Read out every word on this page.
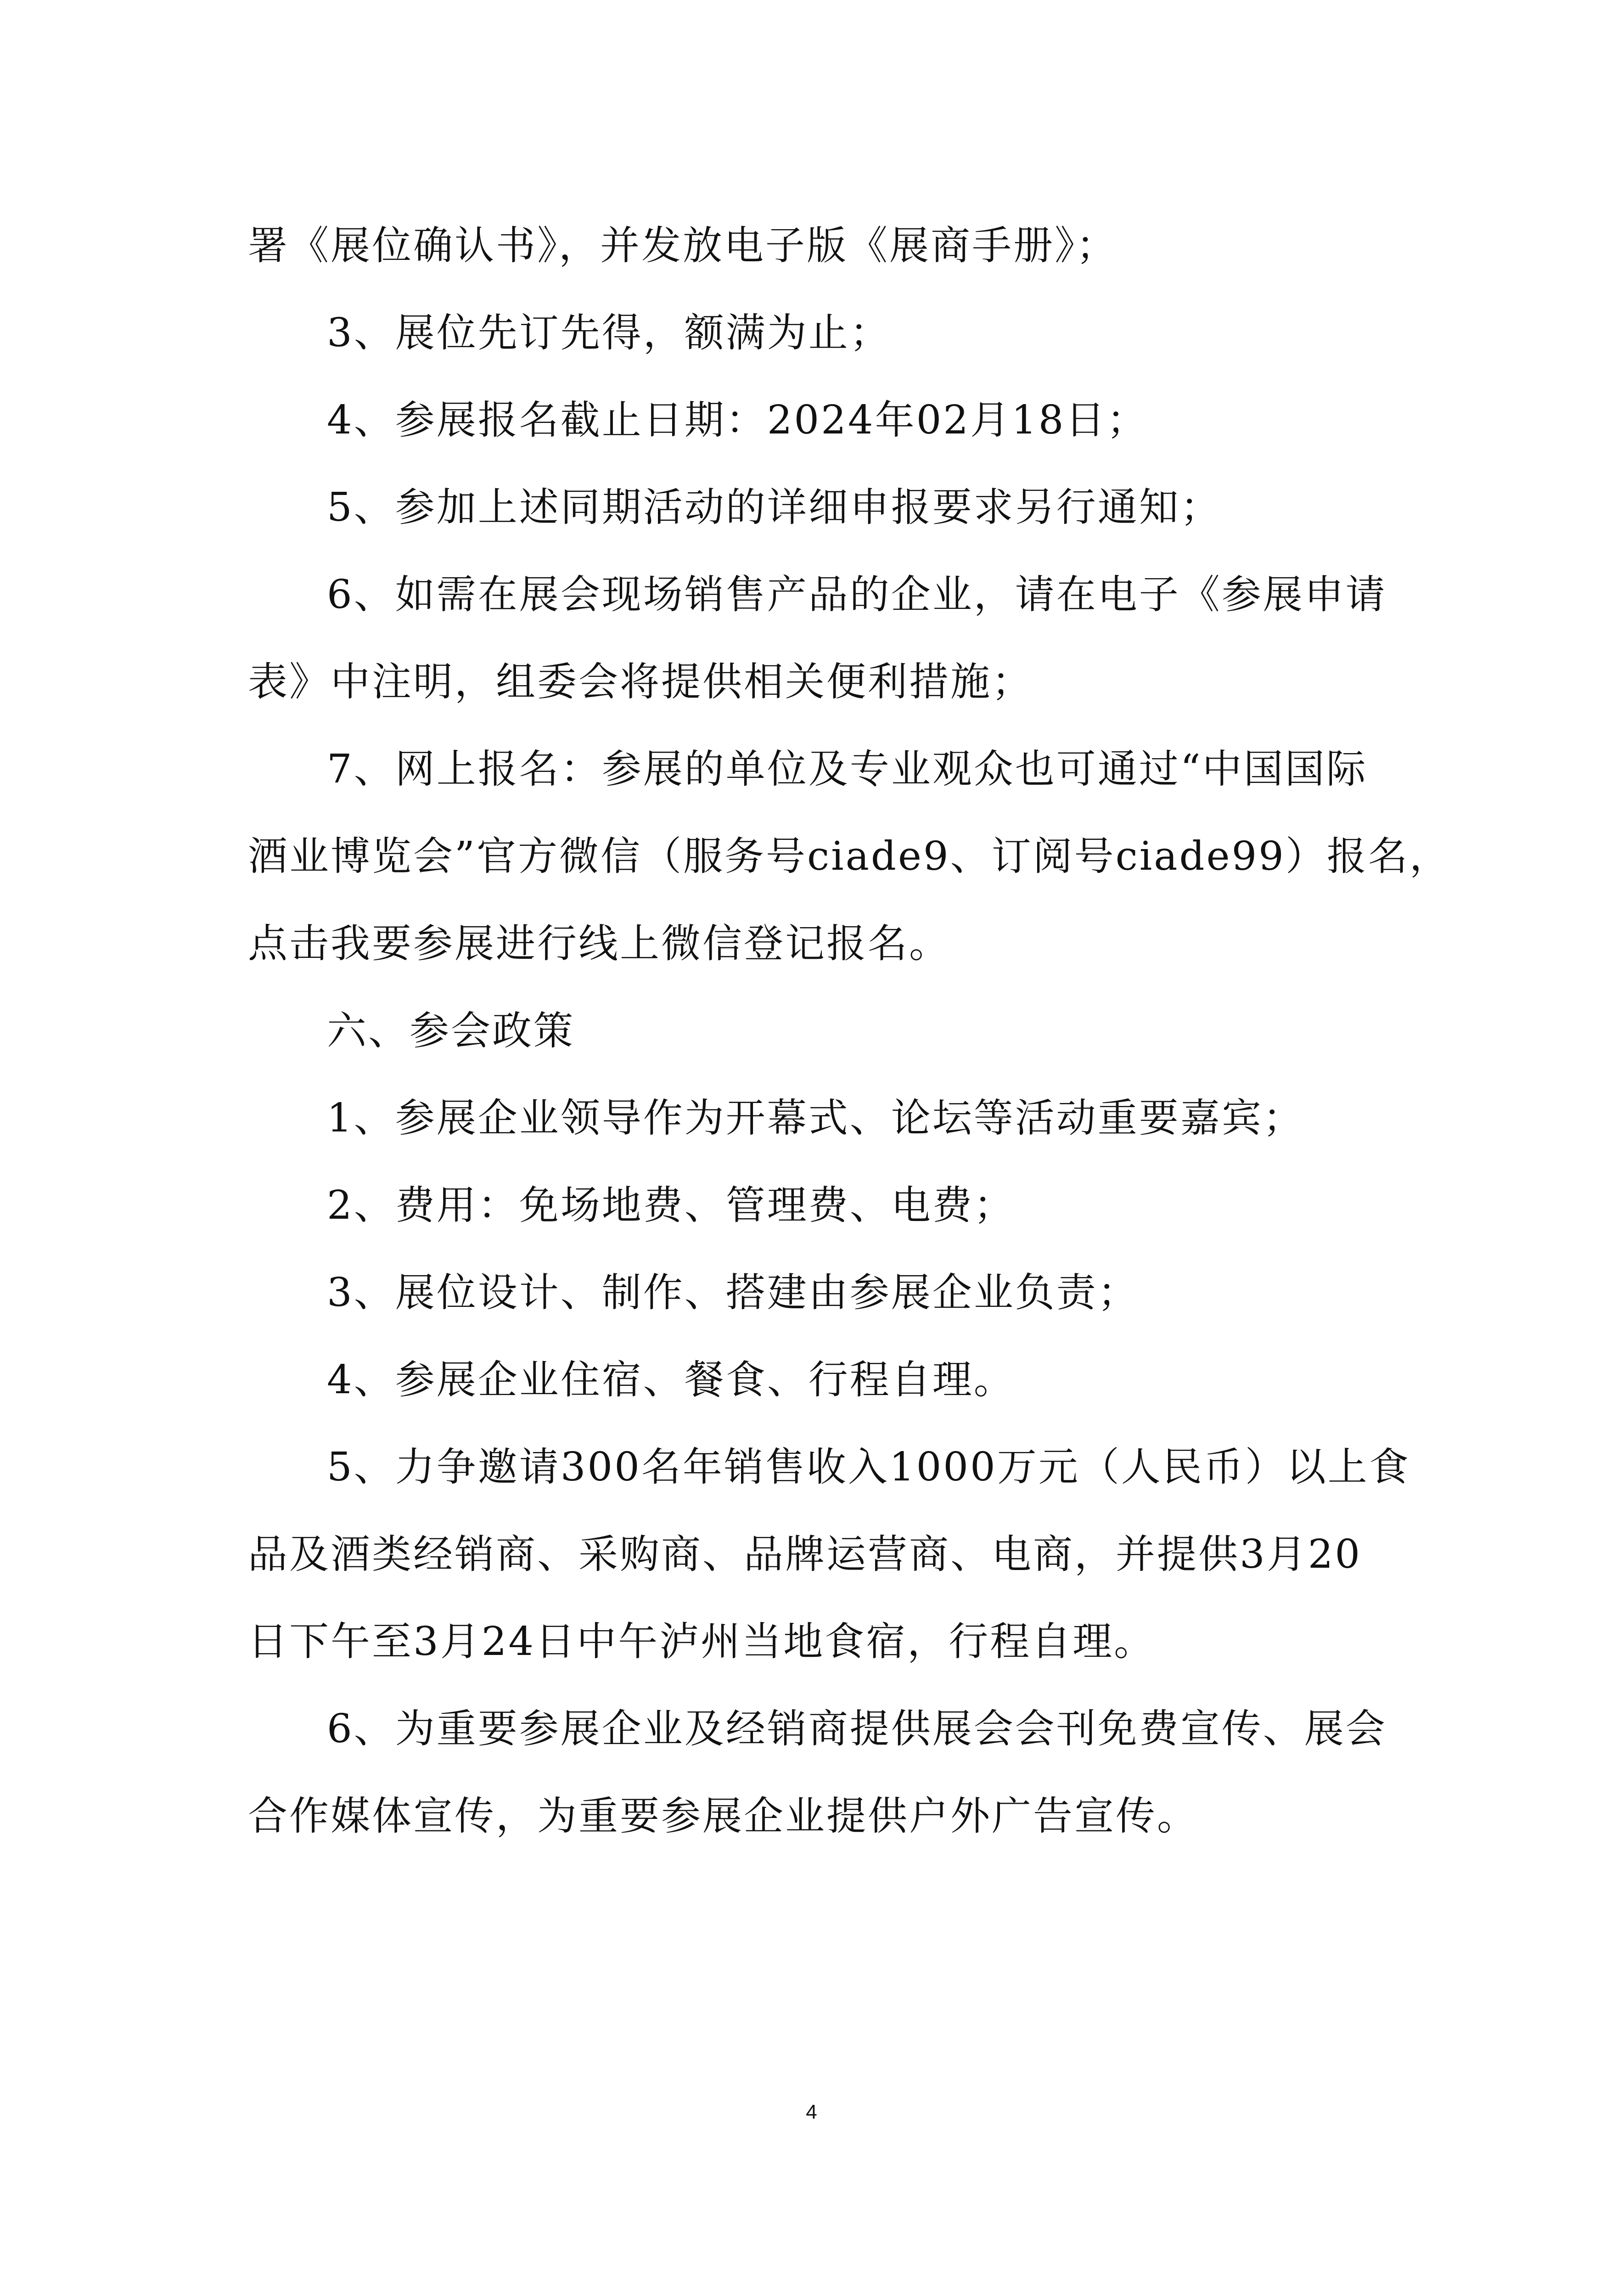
署《展位确认书》，并发放电子版《展商手册》；
3、展位先订先得，额满为止；
4、参展报名截止日期：2024年02月18日；
5、参加上述同期活动的详细申报要求另行通知；
6、如需在展会现场销售产品的企业，请在电子《参展申请
表》中注明，组委会将提供相关便利措施；
7、网上报名：参展的单位及专业观众也可通过“中国国际
酒业博览会”官方微信（服务号ciade9、订阅号ciade99）报名，
点击我要参展进行线上微信登记报名。
六、参会政策
1、参展企业领导作为开幕式、论坛等活动重要嘉宾；
2、费用：免场地费、管理费、电费；
3、展位设计、制作、搭建由参展企业负责；
4、参展企业住宿、餐食、行程自理。
5、力争邀请300名年销售收入1000万元（人民币）以上食
品及酒类经销商、采购商、品牌运营商、电商，并提供3月20
日下午至3月24日中午泸州当地食宿，行程自理。
6、为重要参展企业及经销商提供展会会刊免费宣传、展会
合作媒体宣传，为重要参展企业提供户外广告宣传。
4
